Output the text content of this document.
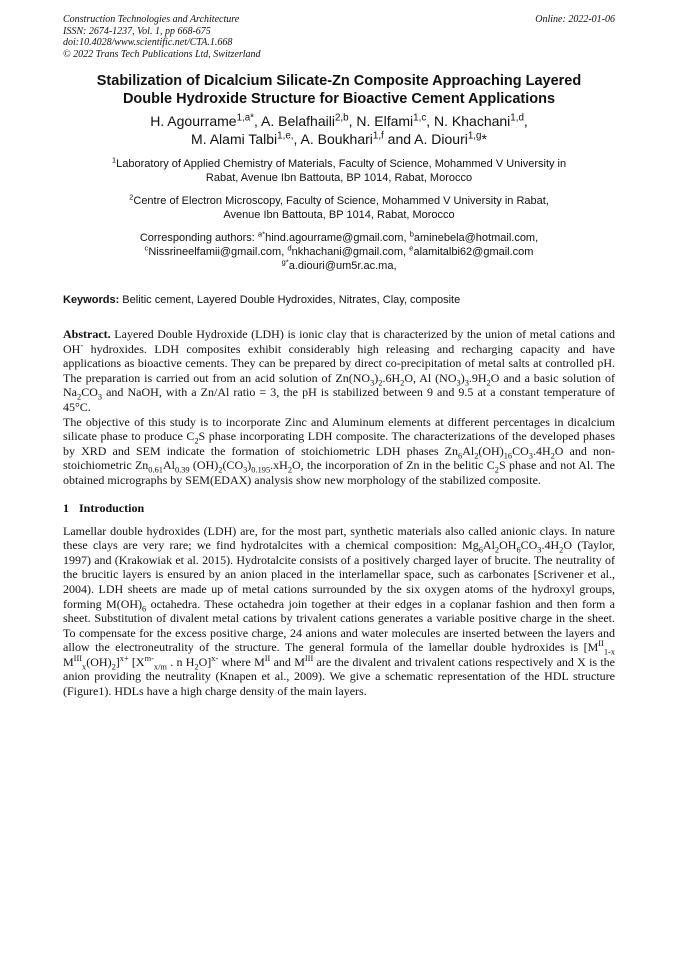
Construction Technologies and Architecture
ISSN: 2674-1237, Vol. 1, pp 668-675
doi:10.4028/www.scientific.net/CTA.1.668
© 2022 Trans Tech Publications Ltd, Switzerland
Online: 2022-01-06
Stabilization of Dicalcium Silicate-Zn Composite Approaching Layered
Double Hydroxide Structure for Bioactive Cement Applications
H. Agourrame$^{1,a*}$, A. Belafhaili$^{2,b}$, N. Elfami$^{1,c}$, N. Khachani$^{1,d}$,
M. Alami Talbi$^{1,e,}$, A. Boukhari$^{1,f}$ and A. Diouri$^{1,g}$*
$^1$Laboratory of Applied Chemistry of Materials, Faculty of Science, Mohammed V University in
Rabat, Avenue Ibn Battouta, BP 1014, Rabat, Morocco
$^2$Centre of Electron Microscopy, Faculty of Science, Mohammed V University in Rabat,
Avenue Ibn Battouta, BP 1014, Rabat, Morocco
Corresponding authors: $^{a*}$hind.agourrame@gmail.com, $^b$aminebela@hotmail.com,
$^c$Nissrineelfamii@gmail.com, $^d$nkhachani@gmail.com, $^e$alamitalbi62@gmail.com
$^{g*}$a.diouri@um5r.ac.ma,
Keywords: Belitic cement, Layered Double Hydroxides, Nitrates, Clay, composite

Abstract. Layered Double Hydroxide (LDH) is ionic clay that is characterized by the union of metal cations and OH- hydroxides. LDH composites exhibit considerably high releasing and recharging capacity and have applications as bioactive cements. They can be prepared by direct co-precipitation of metal salts at controlled pH. The preparation is carried out from an acid solution of $Zn(NO_3)_2.6H_2O$, Al $(NO_3)_3.9H_2O$ and a basic solution of $Na_2CO_3$ and NaOH, with a Zn/Al ratio = 3, the pH is stabilized between 9 and 9.5 at a constant temperature of 45°C.

The objective of this study is to incorporate Zinc and Aluminum elements at different percentages in dicalcium silicate phase to produce $C_2S$ phase incorporating LDH composite. The characterizations of the developed phases by XRD and SEM indicate the formation of stoichiometric LDH phases $Zn_6Al_2(OH)_{16}CO_3.4H_2O$ and non-stoichiometric $Zn_{0.61}Al_{0.39}$ $(OH)_2(CO_3)_{0.195}.xH_2O$, the incorporation of Zn in the belitic $C_2S$ phase and not Al. The obtained micrographs by SEM(EDAX) analysis show new morphology of the stabilized composite.

1 Introduction

Lamellar double hydroxides (LDH) are, for the most part, synthetic materials also called anionic clays. In nature these clays are very rare; we find hydrotalcites with a chemical composition: $Mg_6Al_2OH_6CO_3.4H_2O$ (Taylor, 1997) and (Krakowiak et al. 2015). Hydrotalcite consists of a positively charged layer of brucite. The neutrality of the brucitic layers is ensured by an anion placed in the interlamellar space, such as carbonates [Scrivener et al., 2004). LDH sheets are made up of metal cations surrounded by the six oxygen atoms of the hydroxyl groups, forming $M(OH)_6$ octahedra. These octahedra join together at their edges in a coplanar fashion and then form a sheet. Substitution of divalent metal cations by trivalent cations generates a variable positive charge in the sheet. To compensate for the excess positive charge, 24 anions and water molecules are inserted between the layers and allow the electroneutrality of the structure. The general formula of the lamellar double hydroxides is [$M^{II}_{1-x}$ $M^{III}_x(OH)_2]^{x+}$ [$X^{m-}_{x/m}$ . n $H_2O]^{x-}$ where $M^{II}$ and $M^{III}$ are the divalent and trivalent cations respectively and X is the anion providing the neutrality (Knapen et al., 2009). We give a schematic representation of the HDL structure (Figure1). HDLs have a high charge density of the main layers.
